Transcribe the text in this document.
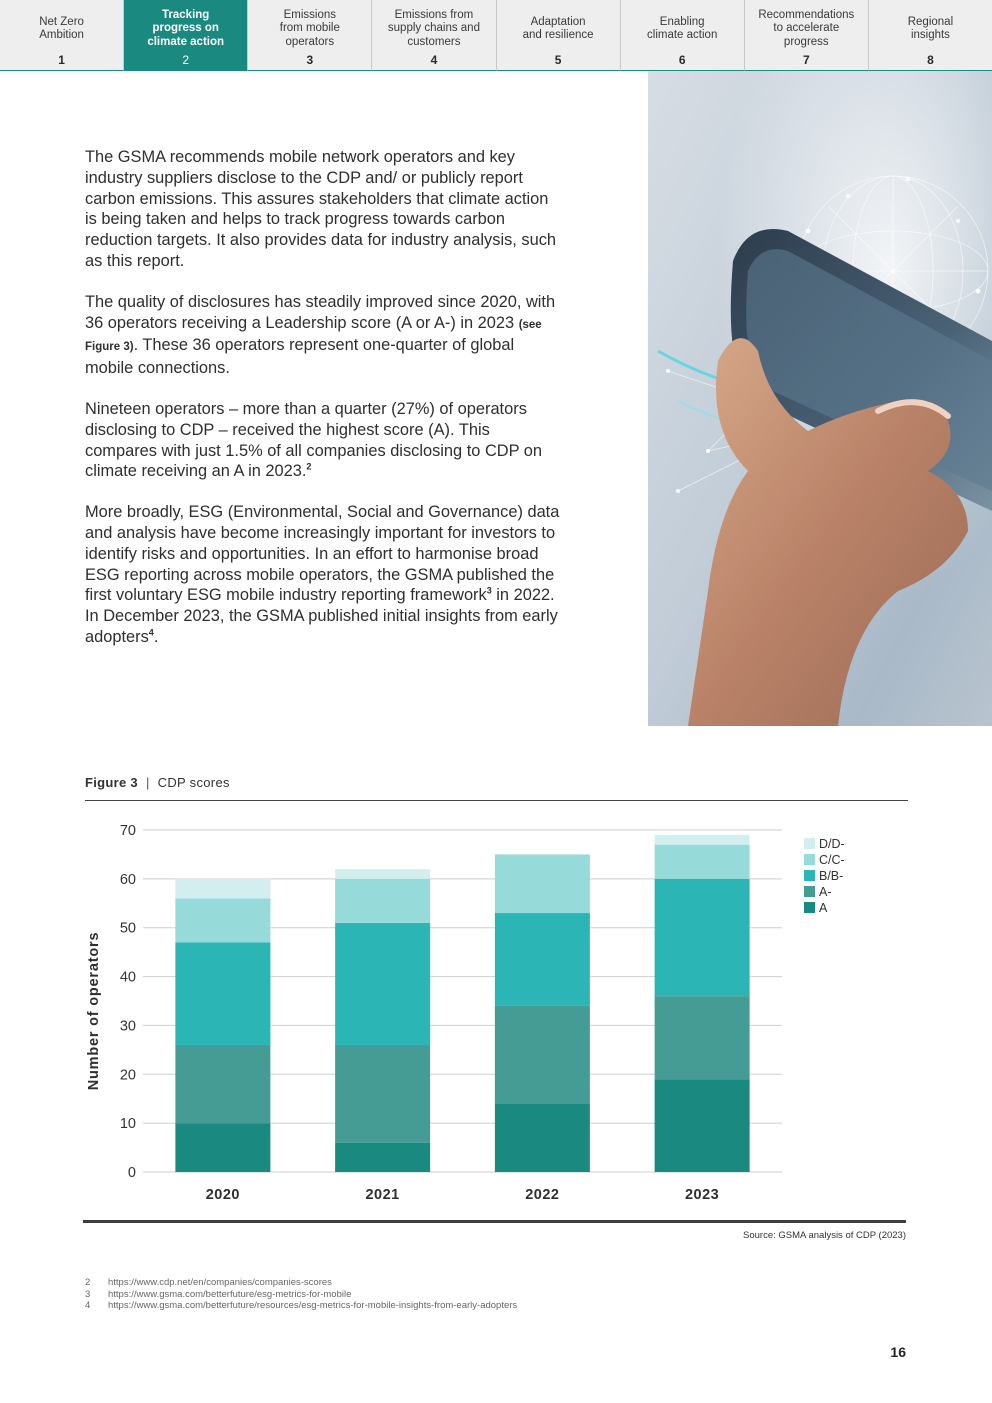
Net Zero
Ambition
1
Tracking
progress on
climate action
2
Emissions
from mobile
operators
3
Emissions from
supply chains and
customers
4
Adaptation
and resilience
5
Enabling
climate action
6
Recommendations
to accelerate
progress
7
Regional
insights
8

The GSMA recommends mobile network operators and key industry suppliers disclose to the CDP and/ or publicly report carbon emissions. This assures stakeholders that climate action is being taken and helps to track progress towards carbon reduction targets. It also provides data for industry analysis, such as this report.

The quality of disclosures has steadily improved since 2020, with 36 operators receiving a Leadership score (A or A-) in 2023 (see Figure 3). These 36 operators represent one-quarter of global mobile connections.

Nineteen operators – more than a quarter (27%) of operators disclosing to CDP – received the highest score (A). This compares with just 1.5% of all companies disclosing to CDP on climate receiving an A in 2023.$^2$

More broadly, ESG (Environmental, Social and Governance) data and analysis have become increasingly important for investors to identify risks and opportunities. In an effort to harmonise broad ESG reporting across mobile operators, the GSMA published the first voluntary ESG mobile industry reporting framework$^3$ in 2022. In December 2023, the GSMA published initial insights from early adopters$^4$.

Figure 3 | CDP scores
0
10
20
30
40
50
60
70
2020	2021	2022	2023
Number of operators
D/D-
C/C-
B/B-
A-
A
Source: GSMA analysis of CDP (2023)
2	https://www.cdp.net/en/companies/companies-scores
3	https://www.gsma.com/betterfuture/esg-metrics-for-mobile
4	https://www.gsma.com/betterfuture/resources/esg-metrics-for-mobile-insights-from-early-adopters
16
